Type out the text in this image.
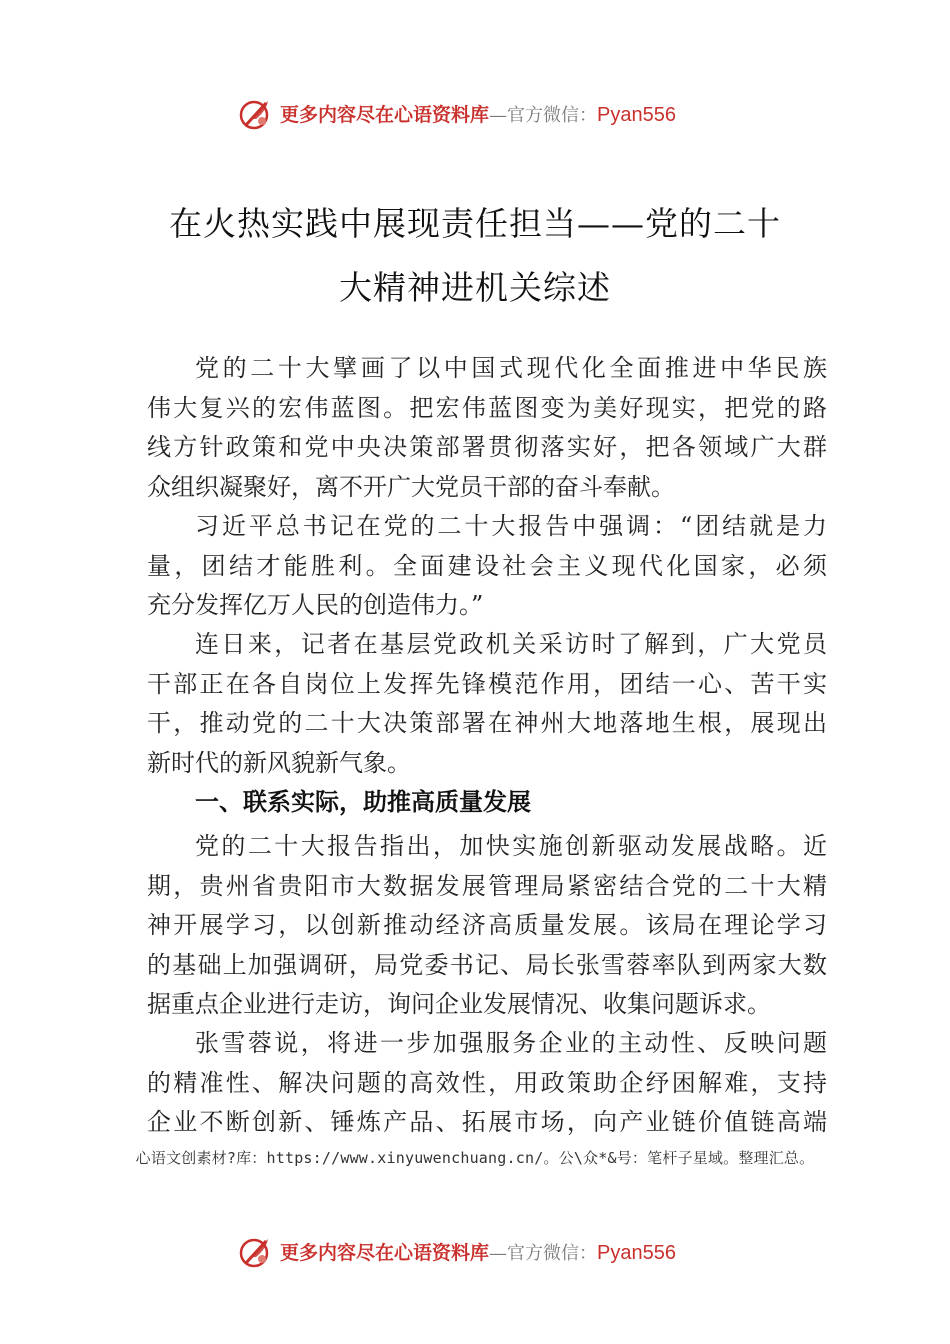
更多内容尽在心语资料库—官方微信：Pyan556
在火热实践中展现责任担当——党的二十
大精神进机关综述
党的二十大擘画了以中国式现代化全面推进中华民族
伟大复兴的宏伟蓝图。把宏伟蓝图变为美好现实，把党的路
线方针政策和党中央决策部署贯彻落实好，把各领域广大群
众组织凝聚好，离不开广大党员干部的奋斗奉献。
习近平总书记在党的二十大报告中强调：“团结就是力
量，团结才能胜利。全面建设社会主义现代化国家，必须
充分发挥亿万人民的创造伟力。”
连日来，记者在基层党政机关采访时了解到，广大党员
干部正在各自岗位上发挥先锋模范作用，团结一心、苦干实
干，推动党的二十大决策部署在神州大地落地生根，展现出
新时代的新风貌新气象。
一、联系实际，助推高质量发展
党的二十大报告指出，加快实施创新驱动发展战略。近
期，贵州省贵阳市大数据发展管理局紧密结合党的二十大精
神开展学习，以创新推动经济高质量发展。该局在理论学习
的基础上加强调研，局党委书记、局长张雪蓉率队到两家大数
据重点企业进行走访，询问企业发展情况、收集问题诉求。
张雪蓉说，将进一步加强服务企业的主动性、反映问题
的精准性、解决问题的高效性，用政策助企纾困解难，支持
企业不断创新、锤炼产品、拓展市场，向产业链价值链高端
心语文创素材?库：https://www.xinyuwenchuang.cn/。公\众*&号：笔杆子星域。整理汇总。
更多内容尽在心语资料库—官方微信：Pyan556
